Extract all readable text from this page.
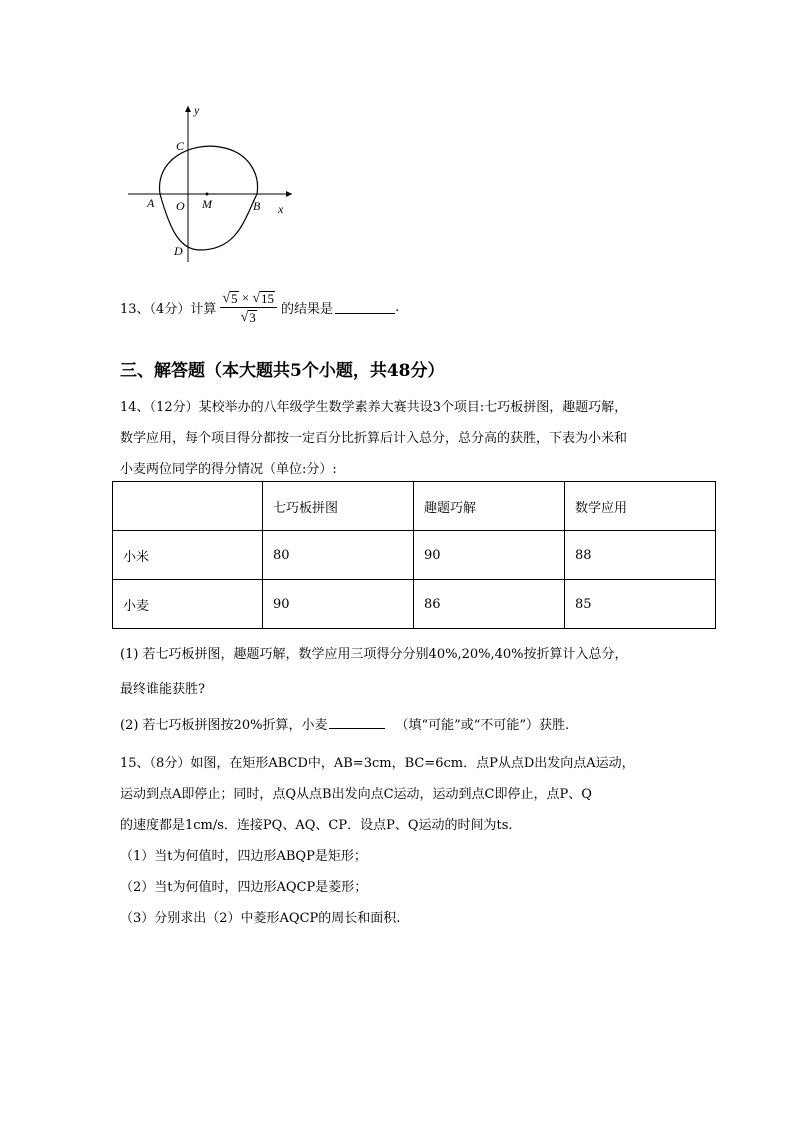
y
x
C
A O M	B
D
13、（4分）计算 $\frac{√ 5 \times √ 15}{√ 3}$ 的结果是	.
三、解答题（本大题共5个小题，共48分）
14、（12分）某校举办的八年级学生数学素养大赛共设3个项目:七巧板拼图，趣题巧解，
数学应用，每个项目得分都按一定百分比折算后计入总分，总分高的获胜，下表为小米和
小麦两位同学的得分情况（单位:分）:
	七巧板拼图	趣题巧解	数学应用
小米	80	90	88
小麦	90	86	85
(1) 若七巧板拼图，趣题巧解，数学应用三项得分分别40%,20%,40%按折算计入总分，
最终谁能获胜?
(2) 若七巧板拼图按20%折算，小麦	（填“可能”或“不可能”）获胜.
15、（8分）如图，在矩形ABCD中，AB=3cm，BC=6cm．点P从点D出发向点A运动，
运动到点A即停止；同时，点Q从点B出发向点C运动，运动到点C即停止，点P、Q
的速度都是1cm/s．连接PQ、AQ、CP．设点P、Q运动的时间为ts.
（1）当t为何值时，四边形ABQP是矩形；
（2）当t为何值时，四边形AQCP是菱形；
（3）分别求出（2）中菱形AQCP的周长和面积.
